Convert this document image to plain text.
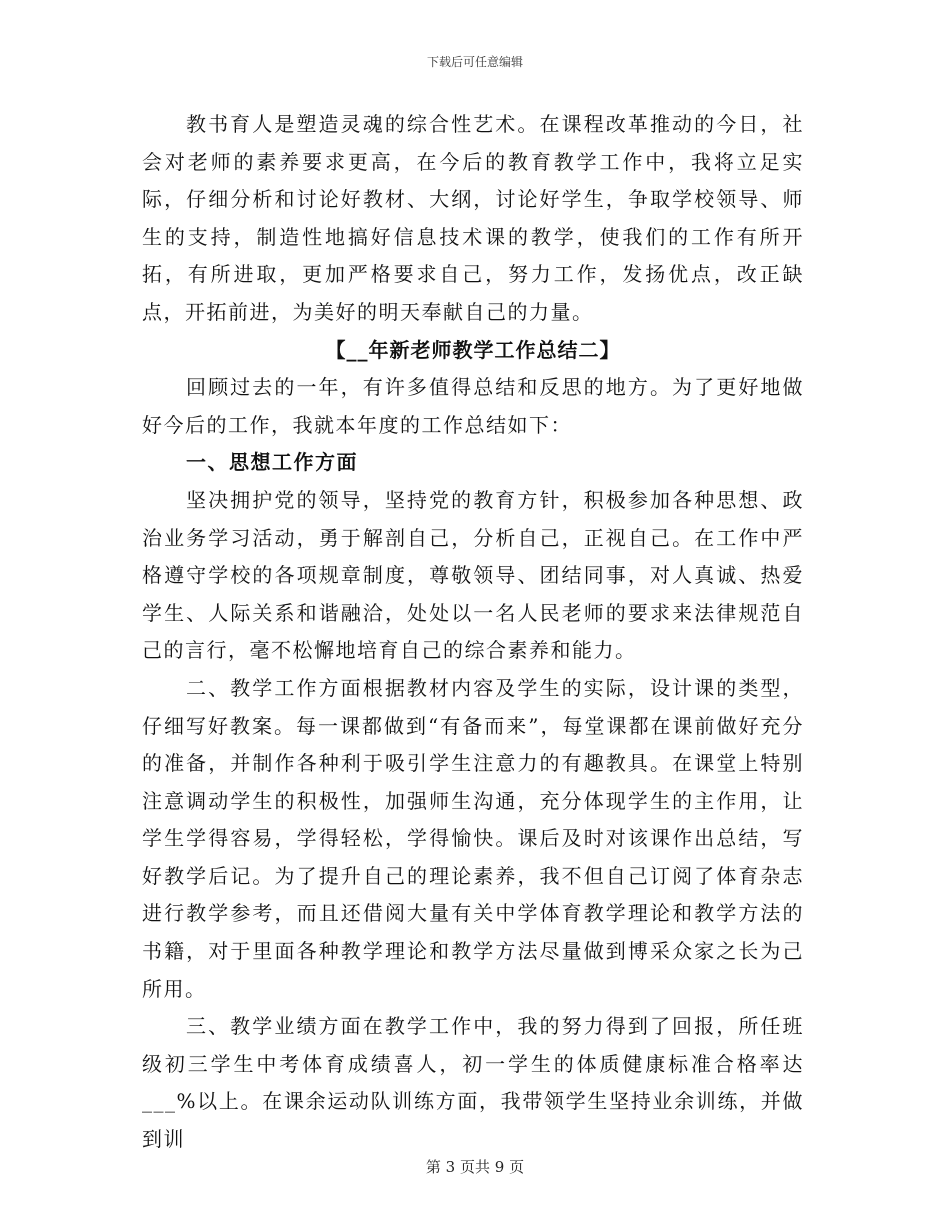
下载后可任意编辑

教书育人是塑造灵魂的综合性艺术。在课程改革推动的今日，社会对老师的素养要求更高，在今后的教育教学工作中，我将立足实际，仔细分析和讨论好教材、大纲，讨论好学生，争取学校领导、师生的支持，制造性地搞好信息技术课的教学，使我们的工作有所开拓，有所进取，更加严格要求自己，努力工作，发扬优点，改正缺点，开拓前进，为美好的明天奉献自己的力量。

【__年新老师教学工作总结二】

回顾过去的一年，有许多值得总结和反思的地方。为了更好地做好今后的工作，我就本年度的工作总结如下：

一、思想工作方面

坚决拥护党的领导，坚持党的教育方针，积极参加各种思想、政治业务学习活动，勇于解剖自己，分析自己，正视自己。在工作中严格遵守学校的各项规章制度，尊敬领导、团结同事，对人真诚、热爱学生、人际关系和谐融洽，处处以一名人民老师的要求来法律规范自己的言行，毫不松懈地培育自己的综合素养和能力。

二、教学工作方面根据教材内容及学生的实际，设计课的类型，仔细写好教案。每一课都做到“有备而来”，每堂课都在课前做好充分的准备，并制作各种利于吸引学生注意力的有趣教具。在课堂上特别注意调动学生的积极性，加强师生沟通，充分体现学生的主作用，让学生学得容易，学得轻松，学得愉快。课后及时对该课作出总结，写好教学后记。为了提升自己的理论素养，我不但自己订阅了体育杂志进行教学参考，而且还借阅大量有关中学体育教学理论和教学方法的书籍，对于里面各种教学理论和教学方法尽量做到博采众家之长为己所用。

三、教学业绩方面在教学工作中，我的努力得到了回报，所任班级初三学生中考体育成绩喜人，初一学生的体质健康标准合格率达___%以上。在课余运动队训练方面，我带领学生坚持业余训练，并做到训

第 3 页共 9 页
